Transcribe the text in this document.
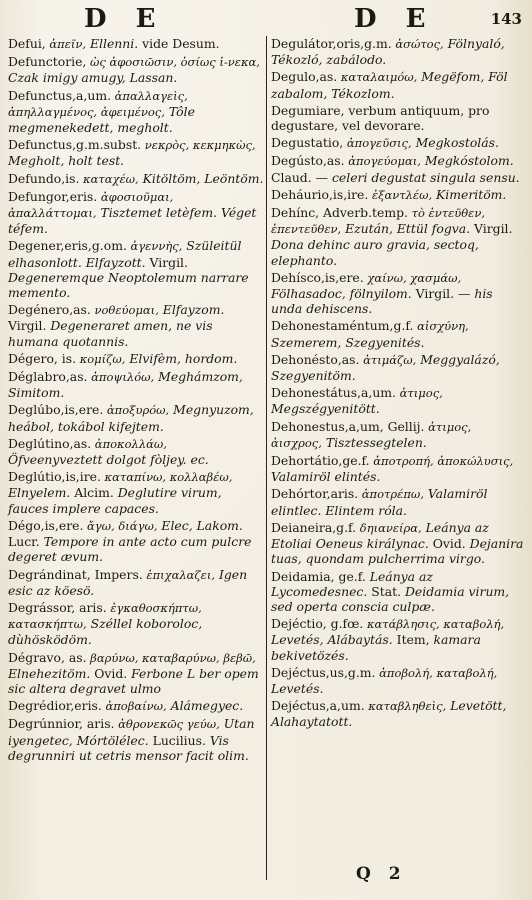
D E	D E	143
Defui, ἀπεῖν, Ellenni. vide Desum.
Defunctorie, ὡς ἀφοσιῶσιν, ὁσίως ἰ-νεκα, Czak imigy amugy, Lassan.
Defunctus,a,um. ἀπαλλαγεὶς, ἀπηλλαγμένος, ἀφειμένος, Tôle megmenekedett, megholt.
Defunctus,g.m.subst. νεκρὸς, κεκμηκὼς, Megholt, holt test.
Defundo,is. καταχέω, Kitöltöm, Leöntöm.
Defungor,eris. ἀφοσιοῦμαι, ἀπαλλάττομαι, Tisztemet letèfem. Véget téfem.
Degener,eris,g.om. ἀγεννὴς, Szüleitül elhasonlott. Elfayzott. Virgil. Degeneremque Neoptolemum narrare memento.
Degénero,as. νοθεύομαι, Elfayzom. Virgil. Degeneraret amen, ne vis humana quotannis.
Dégero, is. κομίζω, Elvifèm, hordom.
Déglabro,as. ἀποψιλόω, Meghámzom, Simitom.
Deglúbo,is,ere. ἀποξυρόω, Megnyuzom, heábol, tokábol kifejtem.
Deglútino,as. ἀποκολλάω, Öfveenyveztett dolgot fòljey. ec.
Deglútio,is,ire. καταπίνω, κολλαβέω, Elnyelem. Alcim. Deglutire virum, fauces implere capaces.
Dégo,is,ere. ἄγω, διάγω, Elec, Lakom. Lucr. Tempore in ante acto cum pulcre degeret ævum.
Degrándinat, Impers. ἐπιχαλαζει, Igen esic az köesö.
Degrássor, aris. ἐγκαθοσκήπτω, κατασκήπτω, Széllel koboroloc, dùhösködöm.
Dégravo, as. βαρύνω, καταβαρύνω, βεβῶ, Elnehezitöm. Ovid. Ferbone L ber opem sic altera degravet ulmo
Degrédior,eris. ἀποβαίνω, Alámegyec.
Degrúnnior, aris. ἀθρονεκῶς γεύω, Utan iyengetec, Mórtölélec. Lucilius. Vis degrunniri ut cetris mensor facit olim.
Degulátor,oris,g.m. ἀσώτος, Fölnyaló, Tékozló, zabálodo.
Degulo,as. καταλαιμόω, Megëfom, Föl zabalom, Tékozlom.
Degumiare, verbum antiquum, pro degustare, vel devorare.
Degustatio, ἀπογεῦσις, Megkostolás.
Degústo,as. ἀπογεύομαι, Megkóstolom. Claud. — celeri degustat singula sensu.
Deháurio,is,ire. ἐξαντλέω, Kimeritöm.
Dehínc, Adverb.temp. τὸ ἐντεῦθεν, ἐπεντεῦθεν, Ezután, Ettül fogva. Virgil. Dona dehinc auro gravia, sectoq, elephanto.
Dehísco,is,ere. χαίνω, χασμάω, Fölhasadoc, fölnyilom. Virgil. — his unda dehiscens.
Dehonestaméntum,g.f. αἰσχύνη, Szemerem, Szegyenités.
Dehonésto,as. ἀτιμάζω, Meggyalázó, Szegyenitöm.
Dehonestátus,a,um. ἀτιμος, Megszégyenitött.
Dehonestus,a,um, Gellij. ἀτιμος, ἀισχρος, Tisztessegtelen.
Dehortátio,ge.f. ἀποτροπή, ἀποκώλυσις, Valamiröl elintés.
Dehórtor,aris. ἀποτρέπω, Valamiröl elintlec. Elintem róla.
Deianeira,g.f. δηιανείρα, Leánya az Etoliai Oeneus királynac. Ovid. Dejanira tuas, quondam pulcherrima virgo.
Deidamia, ge.f. Leánya az Lycomedesnec. Stat. Deidamia virum, sed operta conscia culpæ.
Dejéctio, g.fœ. κατάβλησις, καταβολή, Levetés, Alábaytás. Item, kamara bekivetözés.
Dejéctus,us,g.m. ἀποβολή, καταβολή, Levetés.
Dejéctus,a,um. καταβληθεὶς, Levetött, Alahaytatott.
Q 2
